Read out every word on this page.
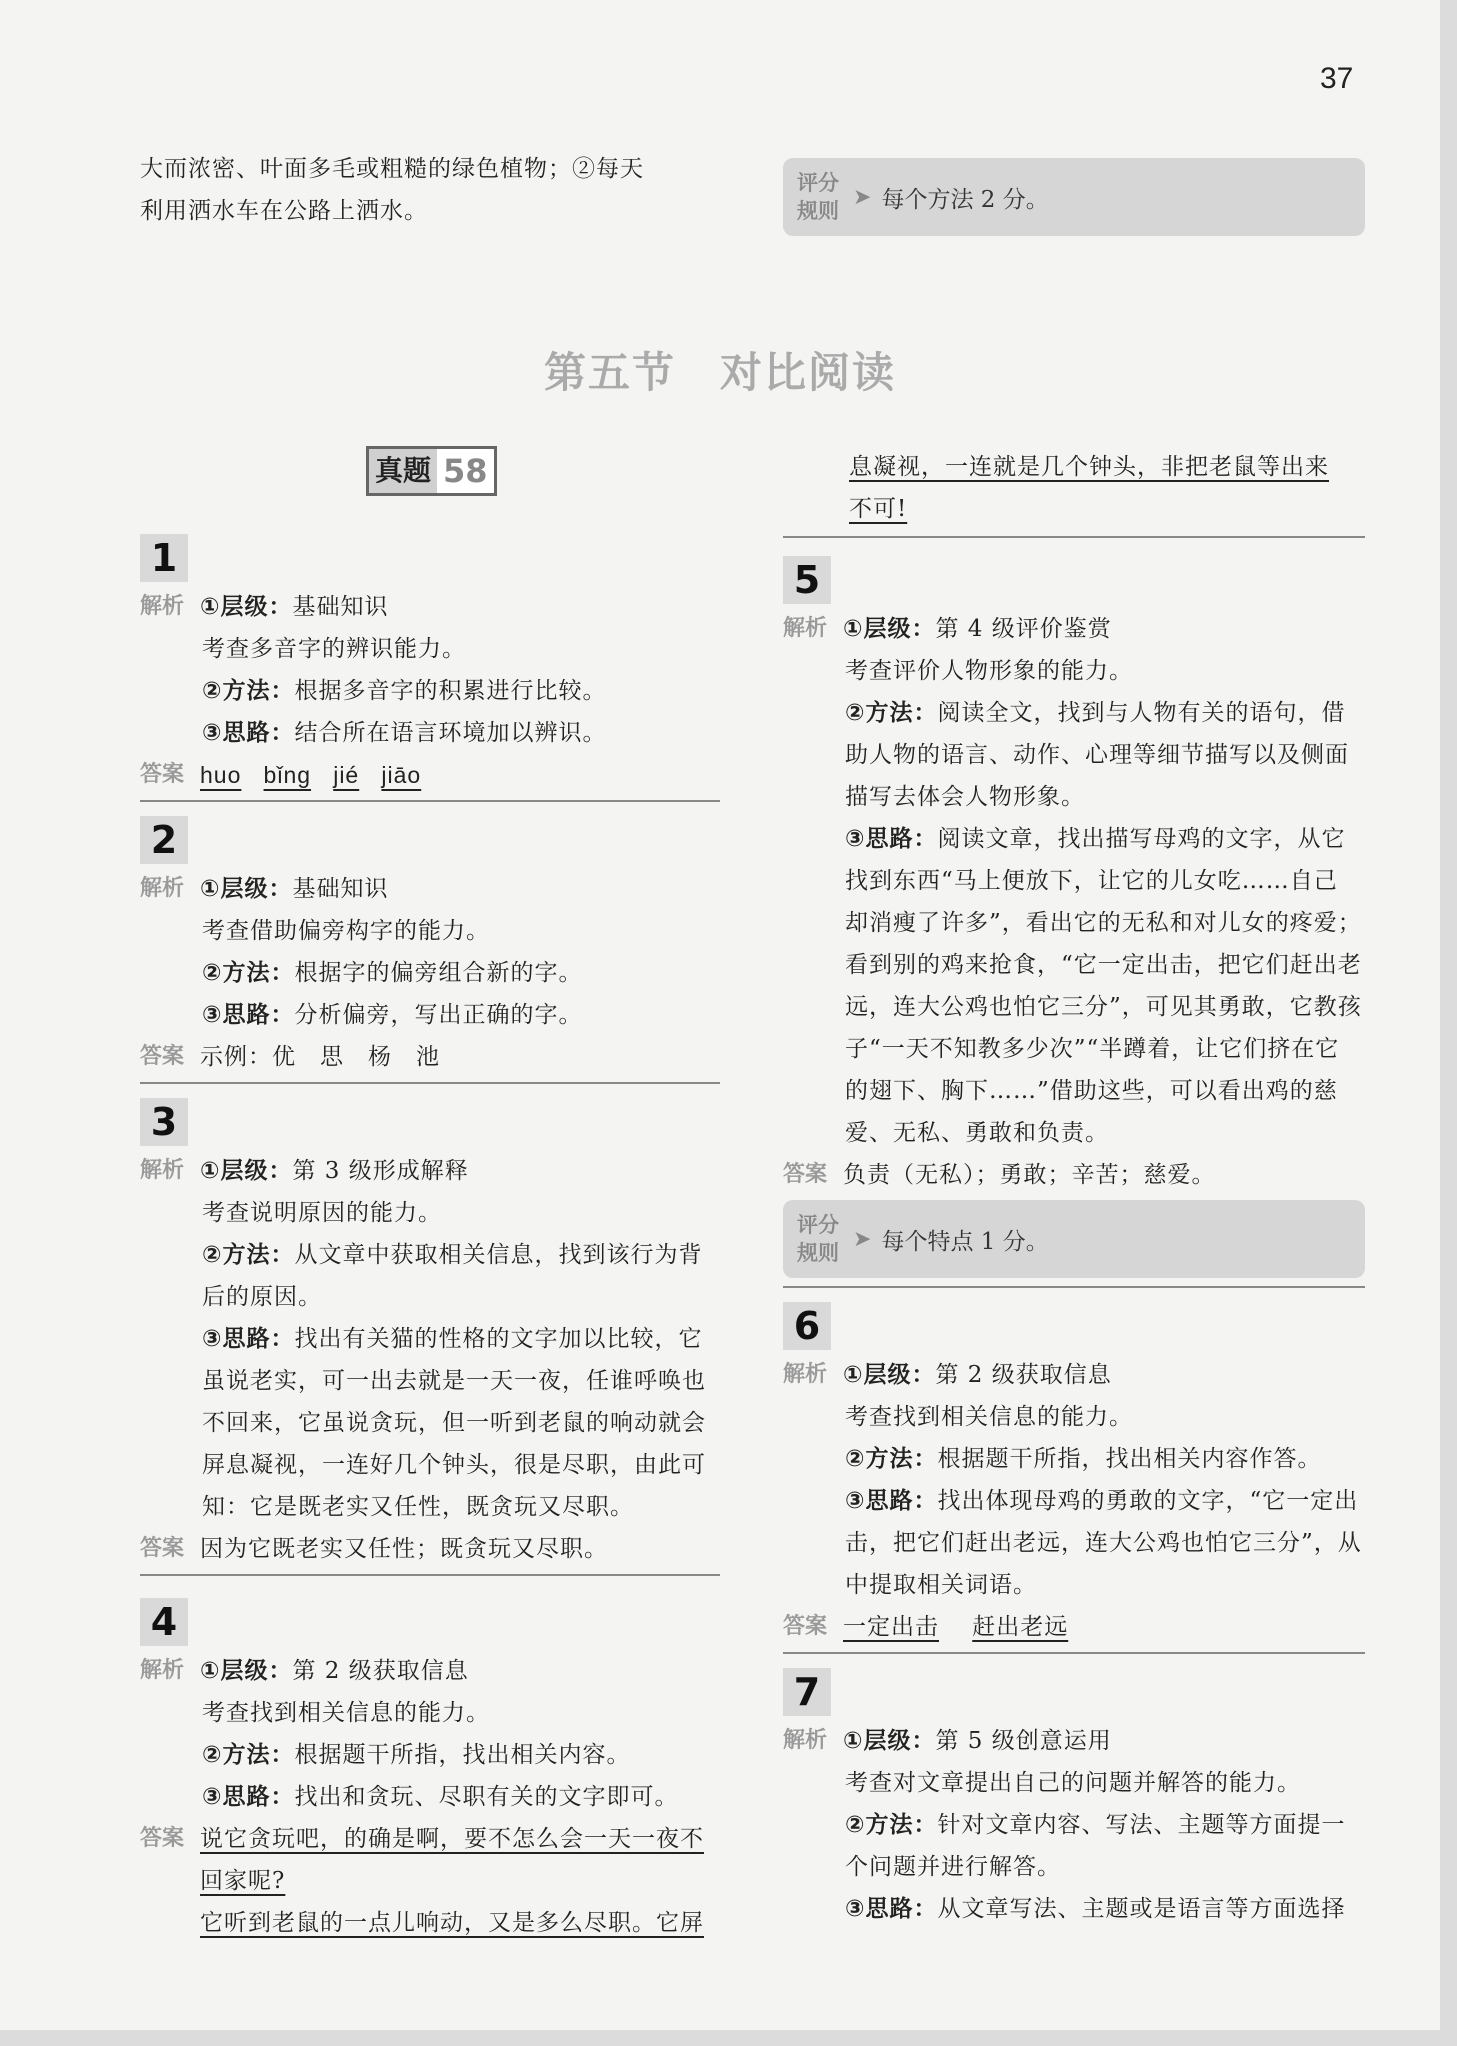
37
大而浓密、叶面多毛或粗糙的绿色植物；②每天
利用洒水车在公路上洒水。
评分规则
➤ 每个方法 2 分。
第五节 对比阅读
真题 58
1
解析 ①层级：基础知识
考查多音字的辨识能力。
②方法：根据多音字的积累进行比较。
③思路：结合所在语言环境加以辨识。
答案 huo bǐng jié jiāo
2
解析 ①层级：基础知识
考查借助偏旁构字的能力。
②方法：根据字的偏旁组合新的字。
③思路：分析偏旁，写出正确的字。
答案 示例：优　思　杨　池
3
解析 ①层级：第 3 级形成解释
考查说明原因的能力。
②方法：从文章中获取相关信息，找到该行为背
后的原因。
③思路：找出有关猫的性格的文字加以比较，它
虽说老实，可一出去就是一天一夜，任谁呼唤也
不回来，它虽说贪玩，但一听到老鼠的响动就会
屏息凝视，一连好几个钟头，很是尽职，由此可
知：它是既老实又任性，既贪玩又尽职。
答案 因为它既老实又任性；既贪玩又尽职。
4
解析 ①层级：第 2 级获取信息
考查找到相关信息的能力。
②方法：根据题干所指，找出相关内容。
③思路：找出和贪玩、尽职有关的文字即可。
答案 说它贪玩吧，的确是啊，要不怎么会一天一夜不
回家呢?
它听到老鼠的一点儿响动，又是多么尽职。它屏
息凝视，一连就是几个钟头，非把老鼠等出来
不可!
5
解析 ①层级：第 4 级评价鉴赏
考查评价人物形象的能力。
②方法：阅读全文，找到与人物有关的语句，借
助人物的语言、动作、心理等细节描写以及侧面
描写去体会人物形象。
③思路：阅读文章，找出描写母鸡的文字，从它
找到东西“马上便放下，让它的儿女吃……自己
却消瘦了许多”，看出它的无私和对儿女的疼爱；
看到别的鸡来抢食，“它一定出击，把它们赶出老
远，连大公鸡也怕它三分”，可见其勇敢，它教孩
子“一天不知教多少次”“半蹲着，让它们挤在它
的翅下、胸下……”借助这些，可以看出鸡的慈
爱、无私、勇敢和负责。
答案 负责（无私）；勇敢；辛苦；慈爱。
评分规则
➤ 每个特点 1 分。
6
解析 ①层级：第 2 级获取信息
考查找到相关信息的能力。
②方法：根据题干所指，找出相关内容作答。
③思路：找出体现母鸡的勇敢的文字，“它一定出
击，把它们赶出老远，连大公鸡也怕它三分”，从
中提取相关词语。
答案 一定出击 赶出老远
7
解析 ①层级：第 5 级创意运用
考查对文章提出自己的问题并解答的能力。
②方法：针对文章内容、写法、主题等方面提一
个问题并进行解答。
③思路：从文章写法、主题或是语言等方面选择
